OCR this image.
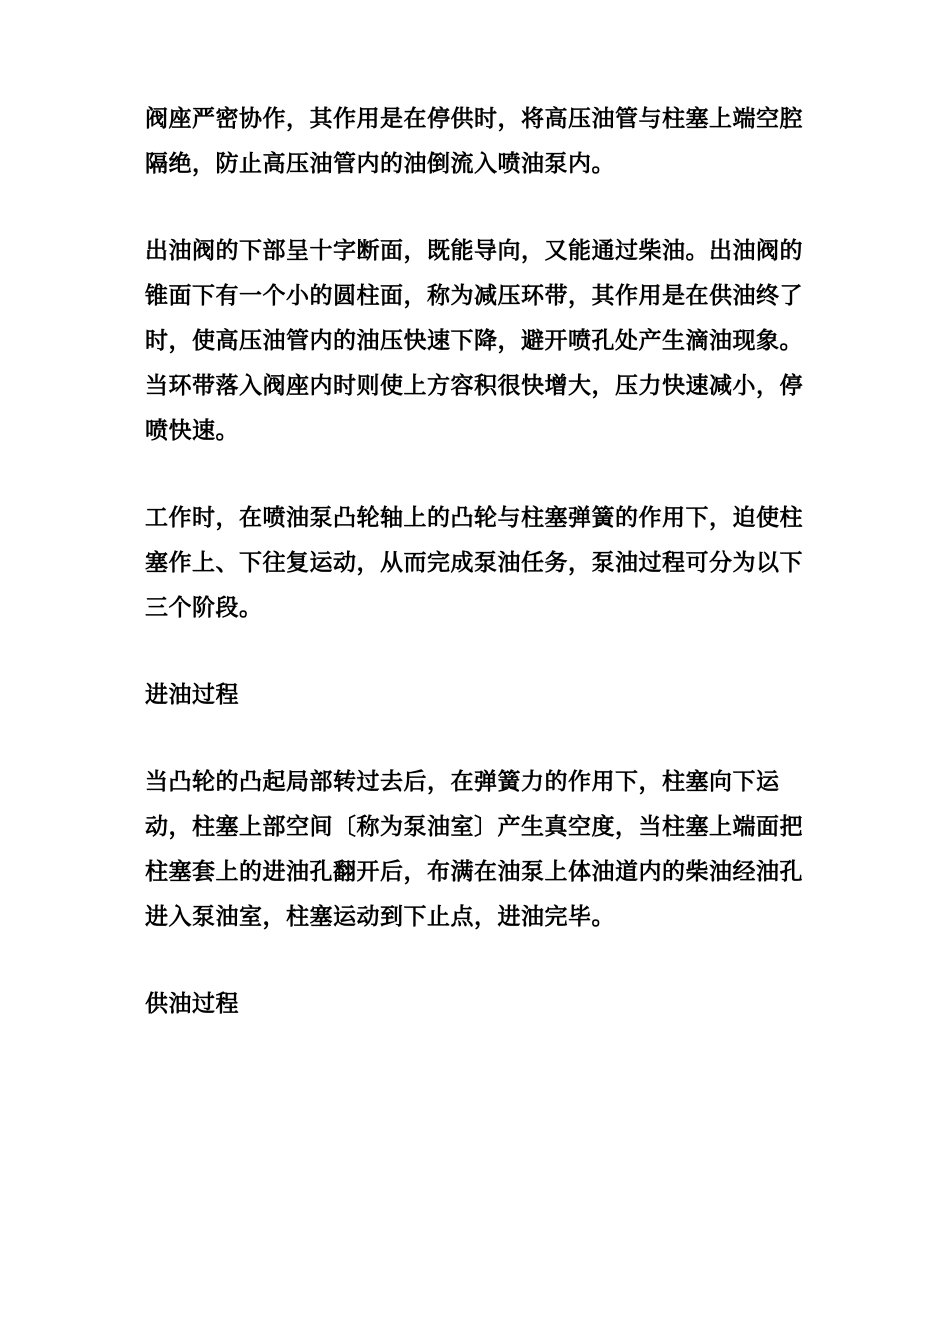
阀座严密协作，其作用是在停供时，将高压油管与柱塞上端空腔隔绝，防止高压油管内的油倒流入喷油泵内。

出油阀的下部呈十字断面，既能导向，又能通过柴油。出油阀的锥面下有一个小的圆柱面，称为减压环带，其作用是在供油终了时，使高压油管内的油压快速下降，避开喷孔处产生滴油现象。当环带落入阀座内时则使上方容积很快增大，压力快速减小，停喷快速。

工作时，在喷油泵凸轮轴上的凸轮与柱塞弹簧的作用下，迫使柱塞作上、下往复运动，从而完成泵油任务，泵油过程可分为以下三个阶段。

进油过程

当凸轮的凸起局部转过去后，在弹簧力的作用下，柱塞向下运动，柱塞上部空间〔称为泵油室〕产生真空度，当柱塞上端面把柱塞套上的进油孔翻开后，布满在油泵上体油道内的柴油经油孔进入泵油室，柱塞运动到下止点，进油完毕。

供油过程
